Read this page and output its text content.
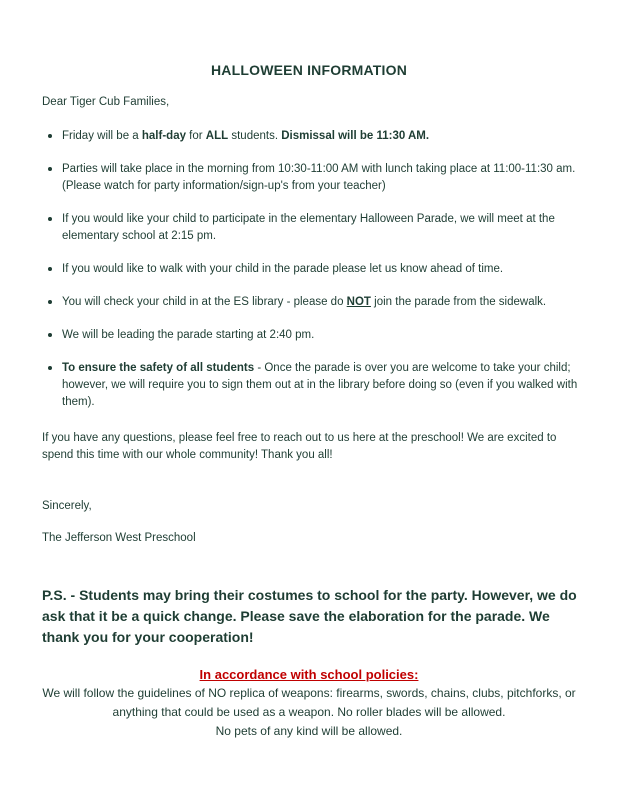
HALLOWEEN INFORMATION
Dear Tiger Cub Families,
Friday will be a half-day for ALL students. Dismissal will be 11:30 AM.
Parties will take place in the morning from 10:30-11:00 AM with lunch taking place at 11:00-11:30 am. (Please watch for party information/sign-up's from your teacher)
If you would like your child to participate in the elementary Halloween Parade, we will meet at the elementary school at 2:15 pm.
If you would like to walk with your child in the parade please let us know ahead of time.
You will check your child in at the ES library - please do NOT join the parade from the sidewalk.
We will be leading the parade starting at 2:40 pm.
To ensure the safety of all students - Once the parade is over you are welcome to take your child; however, we will require you to sign them out at in the library before doing so (even if you walked with them).
If you have any questions, please feel free to reach out to us here at the preschool! We are excited to spend this time with our whole community! Thank you all!
Sincerely,
The Jefferson West Preschool
P.S. - Students may bring their costumes to school for the party. However, we do ask that it be a quick change. Please save the elaboration for the parade. We thank you for your cooperation!
In accordance with school policies:
We will follow the guidelines of NO replica of weapons: firearms, swords, chains, clubs, pitchforks, or anything that could be used as a weapon. No roller blades will be allowed.
No pets of any kind will be allowed.
